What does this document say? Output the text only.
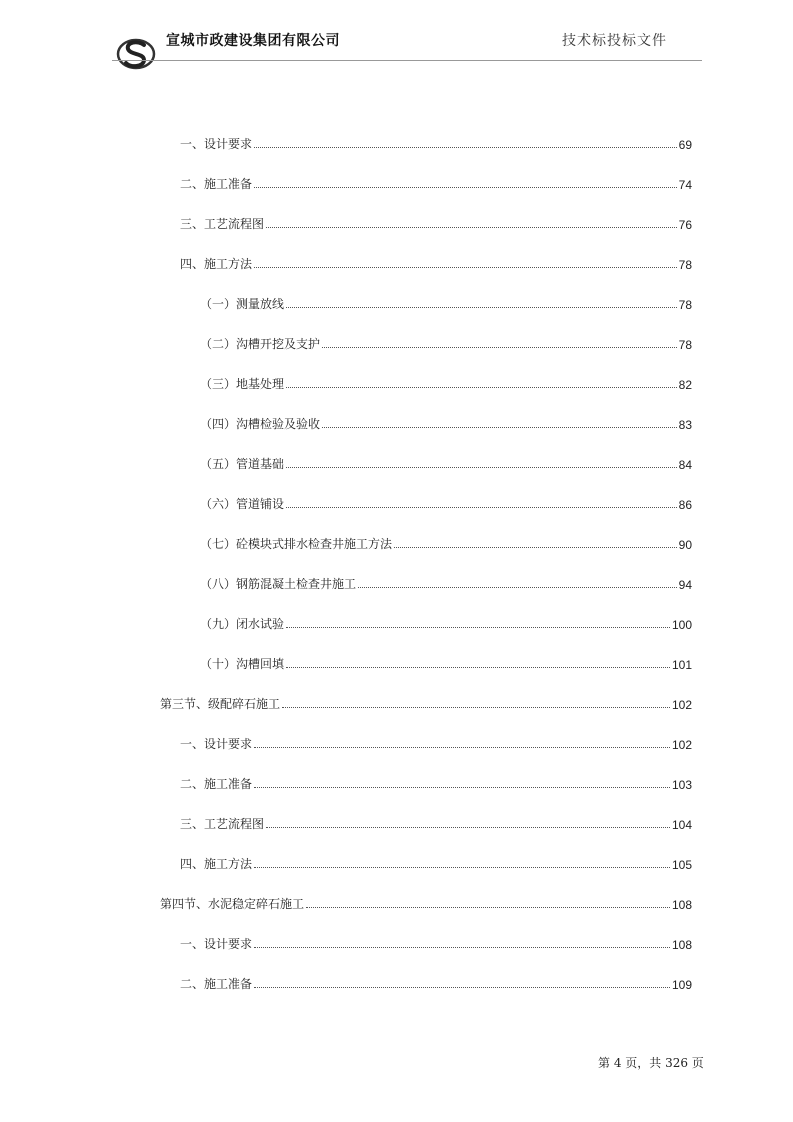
宣城市政建设集团有限公司	技术标投标文件
一、设计要求	69
二、施工准备	74
三、工艺流程图	76
四、施工方法	78
（一）测量放线	78
（二）沟槽开挖及支护	78
（三）地基处理	82
（四）沟槽检验及验收	83
（五）管道基础	84
（六）管道铺设	86
（七）砼模块式排水检查井施工方法	90
（八）钢筋混凝土检查井施工	94
（九）闭水试验	100
（十）沟槽回填	101
第三节、级配碎石施工	102
一、设计要求	102
二、施工准备	103
三、工艺流程图	104
四、施工方法	105
第四节、水泥稳定碎石施工	108
一、设计要求	108
二、施工准备	109
第 4 页，共 326 页
